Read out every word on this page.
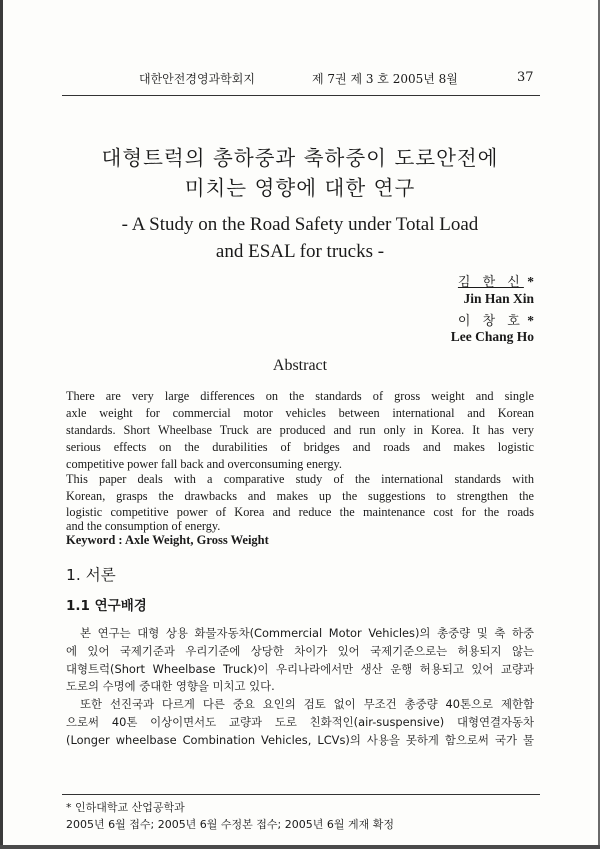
대한안전경영과학회지	제 7권 제 3 호 2005년 8월	37
대형트럭의 총하중과 축하중이 도로안전에
미치는 영향에 대한 연구
- A Study on the Road Safety under Total Load
and ESAL for trucks -
김 한 신 *
Jin Han Xin
이 창 호 *
Lee Chang Ho
Abstract
There are very large differences on the standards of gross weight and single
axle weight for commercial motor vehicles between international and Korean
standards. Short Wheelbase Truck are produced and run only in Korea. It has very
serious effects on the durabilities of bridges and roads and makes logistic
competitive power fall back and overconsuming energy.
This paper deals with a comparative study of the international standards with
Korean, grasps the drawbacks and makes up the suggestions to strengthen the
logistic competitive power of Korea and reduce the maintenance cost for the roads
and the consumption of energy.
Keyword : Axle Weight, Gross Weight
1. 서론
1.1 연구배경
본 연구는 대형 상용 화물자동차(Commercial Motor Vehicles)의 총중량 및 축 하중
에 있어 국제기준과 우리기준에 상당한 차이가 있어 국제기준으로는 허용되지 않는
대형트럭(Short Wheelbase Truck)이 우리나라에서만 생산 운행 허용되고 있어 교량과
도로의 수명에 중대한 영향을 미치고 있다.
또한 선진국과 다르게 다른 중요 요인의 검토 없이 무조건 총중량 40톤으로 제한함
으로써 40톤 이상이면서도 교량과 도로 친화적인(air-suspensive) 대형연결자동차
(Longer wheelbase Combination Vehicles, LCVs)의 사용을 못하게 함으로써 국가 물
* 인하대학교 산업공학과
2005년 6월 접수; 2005년 6월 수정본 접수; 2005년 6월 게재 확정
